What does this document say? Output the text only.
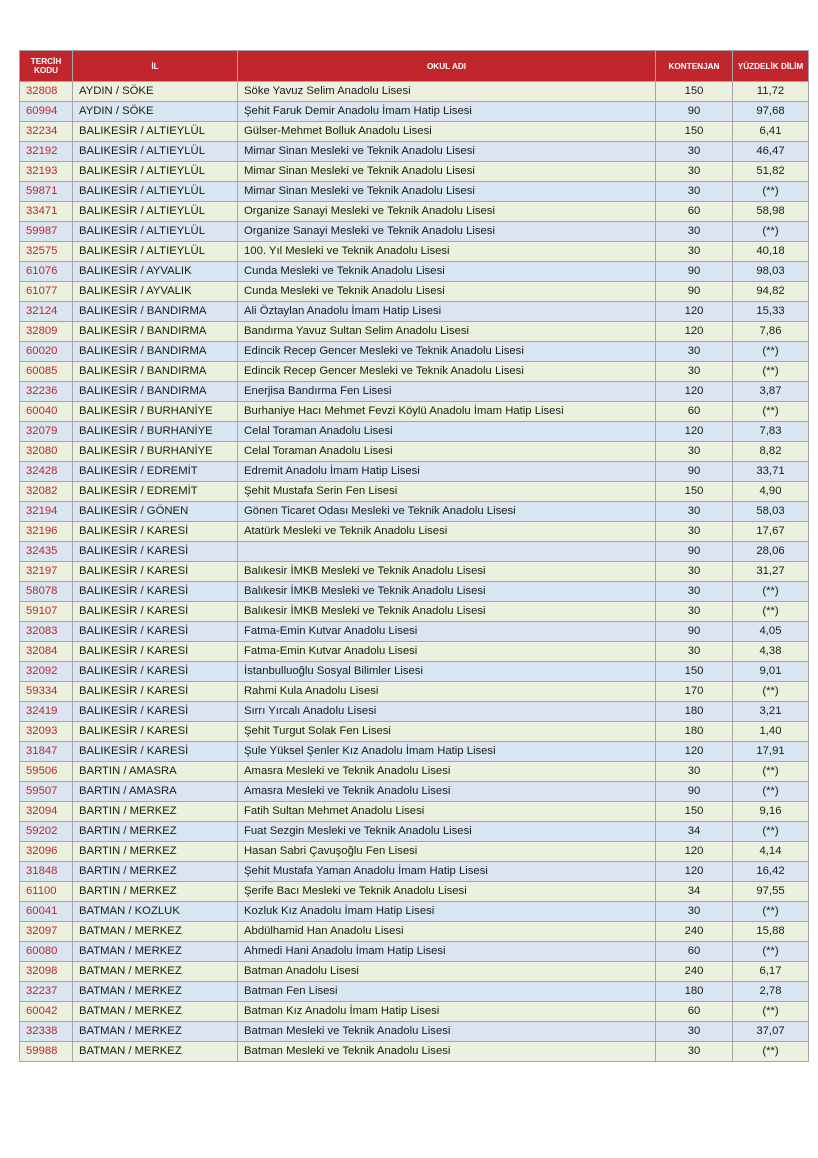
TERCİH KODU	İL	OKUL ADI	KONTENJAN	YÜZDELİK DİLİM
32808	AYDIN / SÖKE	Söke Yavuz Selim Anadolu Lisesi	150	11,72
60994	AYDIN / SÖKE	Şehit Faruk Demir Anadolu İmam Hatip Lisesi	90	97,68
32234	BALIKESİR / ALTIEYLÜL	Gülser-Mehmet Bolluk Anadolu Lisesi	150	6,41
32192	BALIKESİR / ALTIEYLÜL	Mimar Sinan Mesleki ve Teknik Anadolu Lisesi	30	46,47
32193	BALIKESİR / ALTIEYLÜL	Mimar Sinan Mesleki ve Teknik Anadolu Lisesi	30	51,82
59871	BALIKESİR / ALTIEYLÜL	Mimar Sinan Mesleki ve Teknik Anadolu Lisesi	30	(**)
33471	BALIKESİR / ALTIEYLÜL	Organize Sanayi Mesleki ve Teknik Anadolu Lisesi	60	58,98
59987	BALIKESİR / ALTIEYLÜL	Organize Sanayi Mesleki ve Teknik Anadolu Lisesi	30	(**)
32575	BALIKESİR / ALTIEYLÜL	100. Yıl Mesleki ve Teknik Anadolu Lisesi	30	40,18
61076	BALIKESİR / AYVALIK	Cunda Mesleki ve Teknik Anadolu Lisesi	90	98,03
61077	BALIKESİR / AYVALIK	Cunda Mesleki ve Teknik Anadolu Lisesi	90	94,82
32124	BALIKESİR / BANDIRMA	Ali Öztaylan Anadolu İmam Hatip Lisesi	120	15,33
32809	BALIKESİR / BANDIRMA	Bandırma Yavuz Sultan Selim Anadolu Lisesi	120	7,86
60020	BALIKESİR / BANDIRMA	Edincik Recep Gencer Mesleki ve Teknik Anadolu Lisesi	30	(**)
60085	BALIKESİR / BANDIRMA	Edincik Recep Gencer Mesleki ve Teknik Anadolu Lisesi	30	(**)
32236	BALIKESİR / BANDIRMA	Enerjisa Bandırma Fen Lisesi	120	3,87
60040	BALIKESİR / BURHANİYE	Burhaniye Hacı Mehmet Fevzi Köylü Anadolu İmam Hatip Lisesi	60	(**)
32079	BALIKESİR / BURHANİYE	Celal Toraman Anadolu Lisesi	120	7,83
32080	BALIKESİR / BURHANİYE	Celal Toraman Anadolu Lisesi	30	8,82
32428	BALIKESİR / EDREMİT	Edremit Anadolu İmam Hatip Lisesi	90	33,71
32082	BALIKESİR / EDREMİT	Şehit Mustafa Serin Fen Lisesi	150	4,90
32194	BALIKESİR / GÖNEN	Gönen Ticaret Odası Mesleki ve Teknik Anadolu Lisesi	30	58,03
32196	BALIKESİR / KARESİ	Atatürk Mesleki ve Teknik Anadolu Lisesi	30	17,67
32435	BALIKESİR / KARESİ		90	28,06
32197	BALIKESİR / KARESİ	Balıkesir İMKB Mesleki ve Teknik Anadolu Lisesi	30	31,27
58078	BALIKESİR / KARESİ	Balıkesir İMKB Mesleki ve Teknik Anadolu Lisesi	30	(**)
59107	BALIKESİR / KARESİ	Balıkesir İMKB Mesleki ve Teknik Anadolu Lisesi	30	(**)
32083	BALIKESİR / KARESİ	Fatma-Emin Kutvar Anadolu Lisesi	90	4,05
32084	BALIKESİR / KARESİ	Fatma-Emin Kutvar Anadolu Lisesi	30	4,38
32092	BALIKESİR / KARESİ	İstanbulluoğlu Sosyal Bilimler Lisesi	150	9,01
59334	BALIKESİR / KARESİ	Rahmi Kula Anadolu Lisesi	170	(**)
32419	BALIKESİR / KARESİ	Sırrı Yırcalı Anadolu Lisesi	180	3,21
32093	BALIKESİR / KARESİ	Şehit Turgut Solak Fen Lisesi	180	1,40
31847	BALIKESİR / KARESİ	Şule Yüksel Şenler Kız Anadolu İmam Hatip Lisesi	120	17,91
59506	BARTIN / AMASRA	Amasra Mesleki ve Teknik Anadolu Lisesi	30	(**)
59507	BARTIN / AMASRA	Amasra Mesleki ve Teknik Anadolu Lisesi	90	(**)
32094	BARTIN / MERKEZ	Fatih Sultan Mehmet Anadolu Lisesi	150	9,16
59202	BARTIN / MERKEZ	Fuat Sezgin Mesleki ve Teknik Anadolu Lisesi	34	(**)
32096	BARTIN / MERKEZ	Hasan Sabri Çavuşoğlu Fen Lisesi	120	4,14
31848	BARTIN / MERKEZ	Şehit Mustafa Yaman Anadolu İmam Hatip Lisesi	120	16,42
61100	BARTIN / MERKEZ	Şerife Bacı Mesleki ve Teknik Anadolu Lisesi	34	97,55
60041	BATMAN / KOZLUK	Kozluk Kız Anadolu İmam Hatip Lisesi	30	(**)
32097	BATMAN / MERKEZ	Abdülhamid Han Anadolu Lisesi	240	15,88
60080	BATMAN / MERKEZ	Ahmedi Hani Anadolu İmam Hatip Lisesi	60	(**)
32098	BATMAN / MERKEZ	Batman Anadolu Lisesi	240	6,17
32237	BATMAN / MERKEZ	Batman Fen Lisesi	180	2,78
60042	BATMAN / MERKEZ	Batman Kız Anadolu İmam Hatip Lisesi	60	(**)
32338	BATMAN / MERKEZ	Batman Mesleki ve Teknik Anadolu Lisesi	30	37,07
59988	BATMAN / MERKEZ	Batman Mesleki ve Teknik Anadolu Lisesi	30	(**)
